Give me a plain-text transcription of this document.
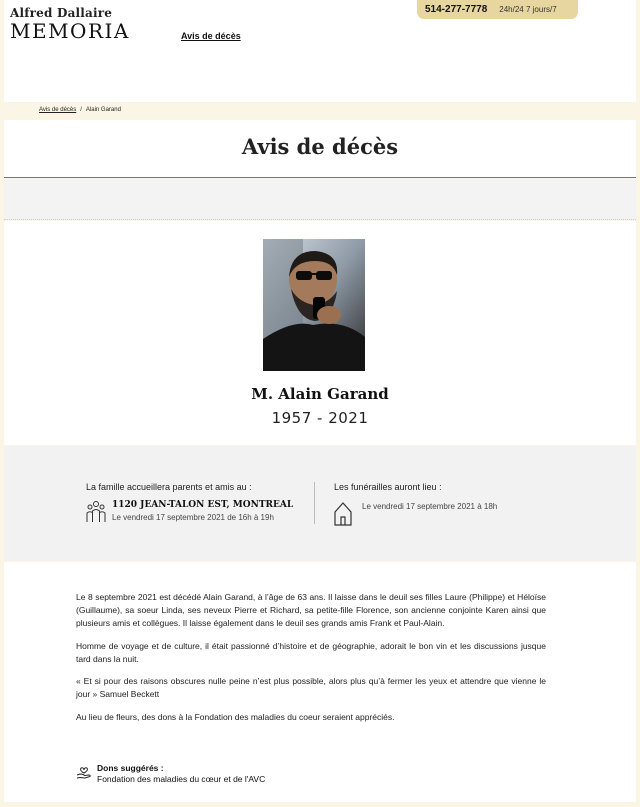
Alfred Dallaire
MEMORIA	Avis de décès
514-277-7778 24h/24 7 jours/7
Avis de décès / Alain Garand
Avis de décès
M. Alain Garand
1957 - 2021
La famille accueillera parents et amis au :
1120 JEAN-TALON EST, MONTREAL
Le vendredi 17 septembre 2021 de 16h à 19h
Les funérailles auront lieu :
Le vendredi 17 septembre 2021 à 18h

Le 8 septembre 2021 est décédé Alain Garand, à l’âge de 63 ans. Il laisse dans le deuil ses filles Laure (Philippe) et Héloïse (Guillaume), sa soeur Linda, ses neveux Pierre et Richard, sa petite-fille Florence, son ancienne conjointe Karen ainsi que plusieurs amis et collègues. Il laisse également dans le deuil ses grands amis Frank et Paul-Alain.

Homme de voyage et de culture, il était passionné d’histoire et de géographie, adorait le bon vin et les discussions jusque tard dans la nuit.

« Et si pour des raisons obscures nulle peine n’est plus possible, alors plus qu’à fermer les yeux et attendre que vienne le jour » Samuel Beckett

Au lieu de fleurs, des dons à la Fondation des maladies du coeur seraient appréciés.

Dons suggérés :
Fondation des maladies du cœur et de l'AVC
